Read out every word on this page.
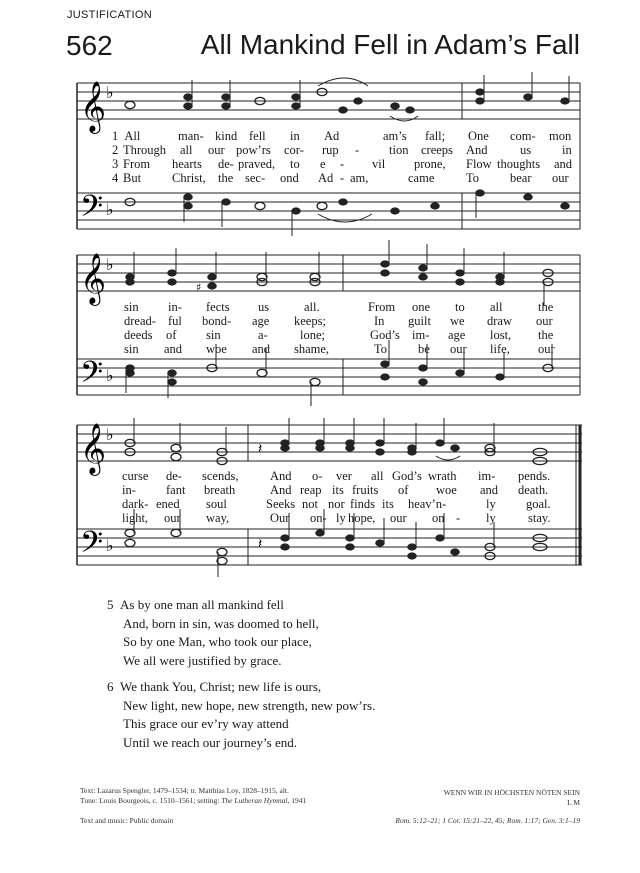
JUSTIFICATION
562	All Mankind Fell in Adam’s Fall
𝄞
𝄢
♭
♭
1 All	man- kind fell in Ad	am’s fall; One com- mon
2 Through all our pow’rs cor- rup - tion creeps And	us in
3 From hearts de- praved, to e - vil prone, Flow thoughts and
4 But Christ, the sec- ond Ad - am,	came	To bear our
𝄞
𝄢
♭
♭
♯
sin in- fects us	all.	From one to all	the
dread- ful bond- age keeps;	In guilt we draw our
deeds of sin	a-	lone;	God’s im- age lost, the
sin and woe and shame,	To be our life, our
𝄞
𝄢
♭
♭
𝄽
𝄽
curse de- scends,	And o- ver all God’s wrath im- pends.
in- fant breath	And reap its fruits of woe and death.
dark- ened soul	Seeks not nor finds its heav’n-	ly goal.
light, our way,	Our on- ly hope, our on - ly	stay.
5 As by one man all mankind fell
And, born in sin, was doomed to hell,
So by one Man, who took our place,
We all were justified by grace.
6 We thank You, Christ; new life is ours,
New light, new hope, new strength, new pow’rs.
This grace our ev’ry way attend
Until we reach our journey’s end.
Text: Lazarus Spengler, 1479–1534; tr. Matthias Loy, 1828–1915, alt.
Tune: Louis Bourgeois, c. 1510–1561; setting: The Lutheran Hymnal, 1941
WENN WIR IN HÖCHSTEN NÖTEN SEIN
L M
Text and music: Public domain	Rom. 5:12–21; 1 Cor. 15:21–22, 45; Rom. 1:17; Gen. 3:1–19
